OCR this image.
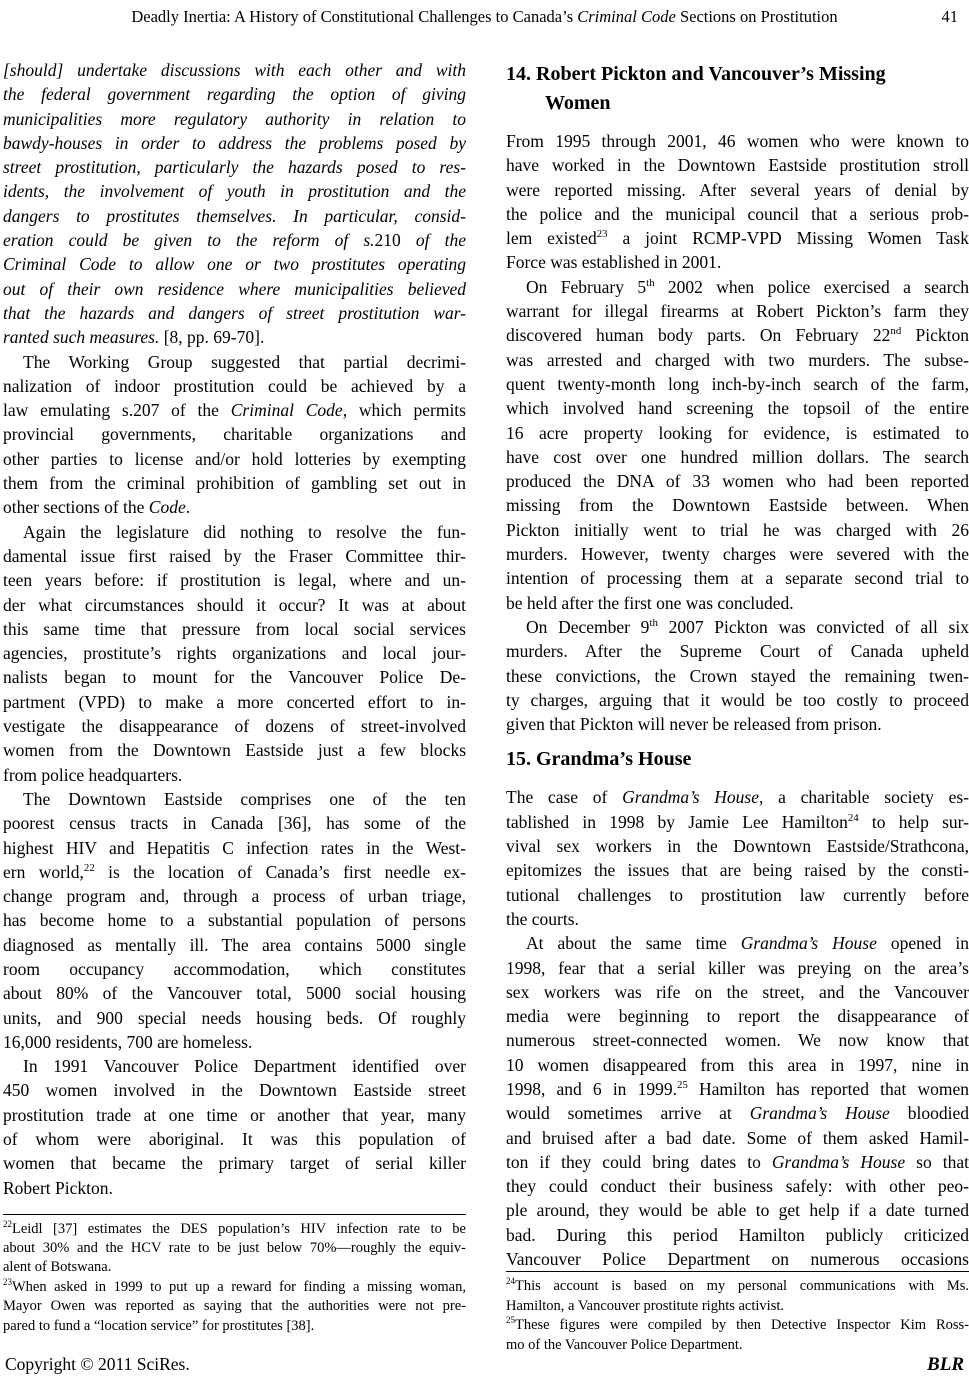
Deadly Inertia: A History of Constitutional Challenges to Canada’s Criminal Code Sections on Prostitution	41
[should] undertake discussions with each other and with
the federal government regarding the option of giving
municipalities more regulatory authority in relation to
bawdy-houses in order to address the problems posed by
street prostitution, particularly the hazards posed to res-
idents, the involvement of youth in prostitution and the
dangers to prostitutes themselves. In particular, consid-
eration could be given to the reform of s.210 of the
Criminal Code to allow one or two prostitutes operating
out of their own residence where municipalities believed
that the hazards and dangers of street prostitution war-
ranted such measures. [8, pp. 69-70].
The Working Group suggested that partial decrimi-
nalization of indoor prostitution could be achieved by a
law emulating s.207 of the Criminal Code, which permits
provincial governments, charitable organizations and
other parties to license and/or hold lotteries by exempting
them from the criminal prohibition of gambling set out in
other sections of the Code.
Again the legislature did nothing to resolve the fun-
damental issue first raised by the Fraser Committee thir-
teen years before: if prostitution is legal, where and un-
der what circumstances should it occur? It was at about
this same time that pressure from local social services
agencies, prostitute’s rights organizations and local jour-
nalists began to mount for the Vancouver Police De-
partment (VPD) to make a more concerted effort to in-
vestigate the disappearance of dozens of street-involved
women from the Downtown Eastside just a few blocks
from police headquarters.
The Downtown Eastside comprises one of the ten
poorest census tracts in Canada [36], has some of the
highest HIV and Hepatitis C infection rates in the West-
ern world,$^{22}$ is the location of Canada’s first needle ex-
change program and, through a process of urban triage,
has become home to a substantial population of persons
diagnosed as mentally ill. The area contains 5000 single
room occupancy accommodation, which constitutes
about 80% of the Vancouver total, 5000 social housing
units, and 900 special needs housing beds. Of roughly
16,000 residents, 700 are homeless.
In 1991 Vancouver Police Department identified over
450 women involved in the Downtown Eastside street
prostitution trade at one time or another that year, many
of whom were aboriginal. It was this population of
women that became the primary target of serial killer
Robert Pickton.
$^{22}$Leidl [37] estimates the DES population’s HIV infection rate to be
about 30% and the HCV rate to be just below 70%—roughly the equiv-
alent of Botswana.
$^{23}$When asked in 1999 to put up a reward for finding a missing woman,
Mayor Owen was reported as saying that the authorities were not pre-
pared to fund a “location service” for prostitutes [38].
14. Robert Pickton and Vancouver’s Missing
Women
From 1995 through 2001, 46 women who were known to
have worked in the Downtown Eastside prostitution stroll
were reported missing. After several years of denial by
the police and the municipal council that a serious prob-
lem existed$^{23}$ a joint RCMP-VPD Missing Women Task
Force was established in 2001.
On February 5th 2002 when police exercised a search
warrant for illegal firearms at Robert Pickton’s farm they
discovered human body parts. On February 22nd Pickton
was arrested and charged with two murders. The subse-
quent twenty-month long inch-by-inch search of the farm,
which involved hand screening the topsoil of the entire
16 acre property looking for evidence, is estimated to
have cost over one hundred million dollars. The search
produced the DNA of 33 women who had been reported
missing from the Downtown Eastside between. When
Pickton initially went to trial he was charged with 26
murders. However, twenty charges were severed with the
intention of processing them at a separate second trial to
be held after the first one was concluded.
On December 9th 2007 Pickton was convicted of all six
murders. After the Supreme Court of Canada upheld
these convictions, the Crown stayed the remaining twen-
ty charges, arguing that it would be too costly to proceed
given that Pickton will never be released from prison.
15. Grandma’s House
The case of Grandma’s House, a charitable society es-
tablished in 1998 by Jamie Lee Hamilton$^{24}$ to help sur-
vival sex workers in the Downtown Eastside/Strathcona,
epitomizes the issues that are being raised by the consti-
tutional challenges to prostitution law currently before
the courts.
At about the same time Grandma’s House opened in
1998, fear that a serial killer was preying on the area’s
sex workers was rife on the street, and the Vancouver
media were beginning to report the disappearance of
numerous street-connected women. We now know that
10 women disappeared from this area in 1997, nine in
1998, and 6 in 1999.25 Hamilton has reported that women
would sometimes arrive at Grandma’s House bloodied
and bruised after a bad date. Some of them asked Hamil-
ton if they could bring dates to Grandma’s House so that
they could conduct their business safely: with other peo-
ple around, they would be able to get help if a date turned
bad. During this period Hamilton publicly criticized
Vancouver Police Department on numerous occasions
$^{24}$This account is based on my personal communications with Ms.
Hamilton, a Vancouver prostitute rights activist.
$^{25}$These figures were compiled by then Detective Inspector Kim Ross-
mo of the Vancouver Police Department.
Copyright © 2011 SciRes.	BLR
